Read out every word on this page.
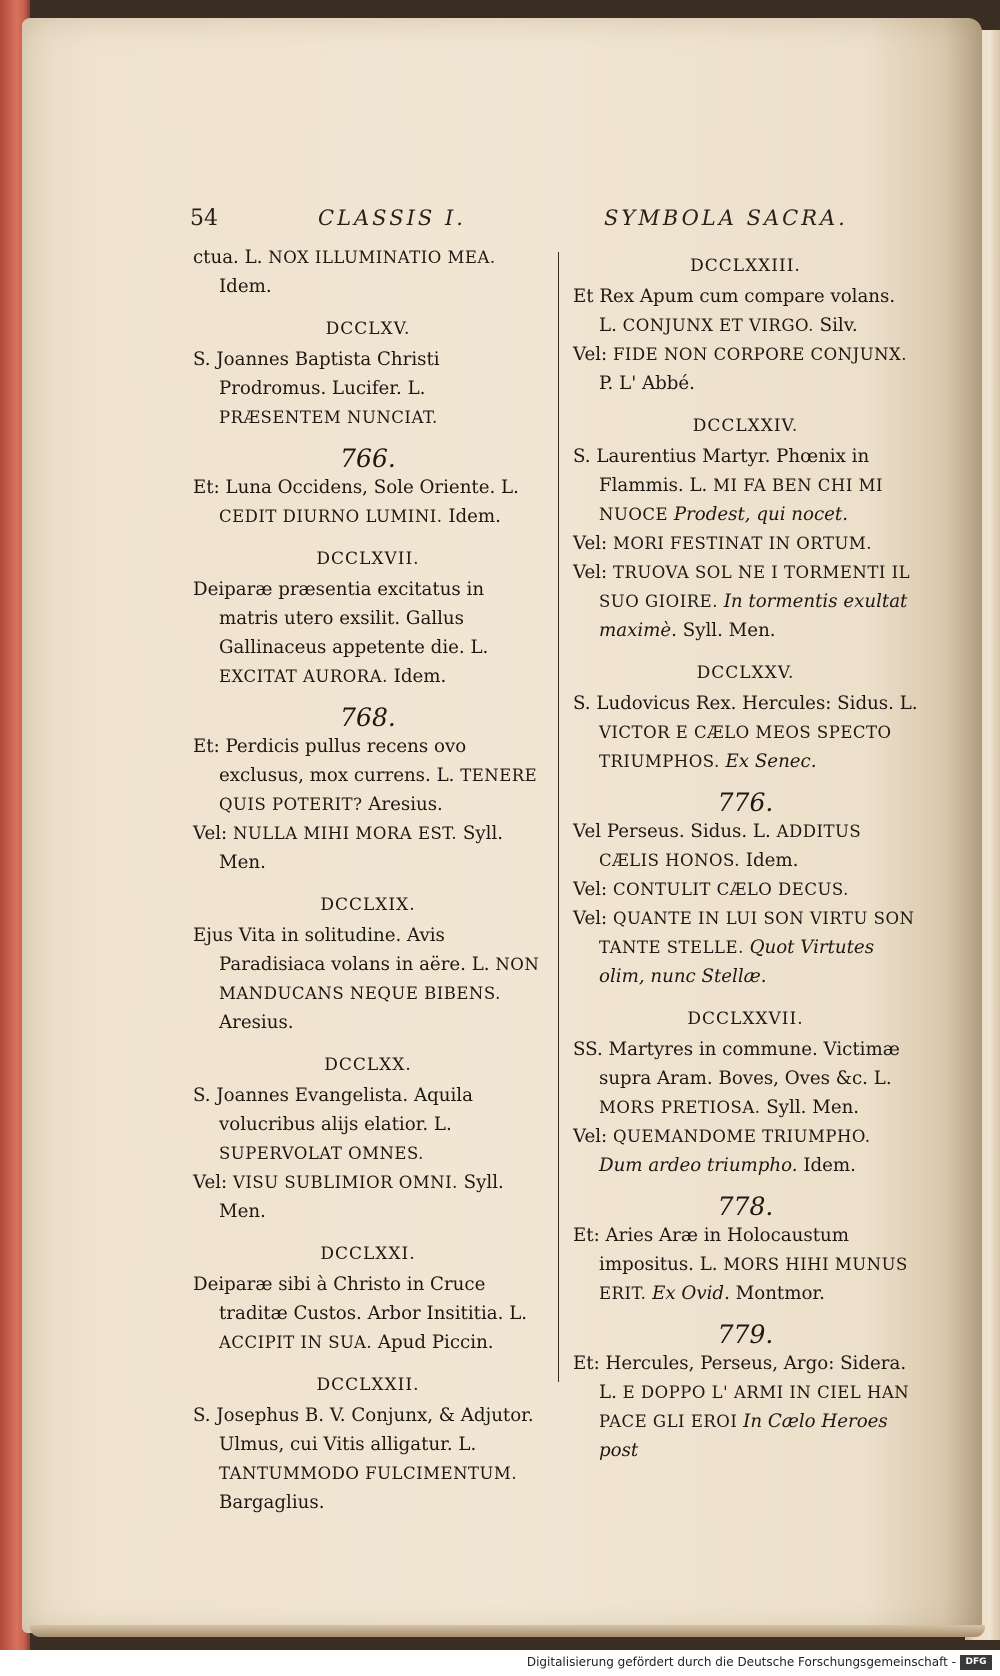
54	CLASSIS I.	SYMBOLA SACRA.
ctua. L. NOX ILLUMINATIO MEA. Idem.
DCCLXV.
S. Joannes Baptista Christi Prodromus. Lucifer. L. PRÆSENTEM NUNCIAT.
766.
Et: Luna Occidens, Sole Oriente. L. CEDIT DIURNO LUMINI. Idem.
DCCLXVII.
Deiparæ præsentia excitatus in matris utero exsilit. Gallus Gallinaceus appetente die. L. EXCITAT AURORA. Idem.
768.
Et: Perdicis pullus recens ovo exclusus, mox currens. L. TENERE QUIS POTERIT? Aresius.
Vel: NULLA MIHI MORA EST. Syll. Men.
DCCLXIX.
Ejus Vita in solitudine. Avis Paradisiaca volans in aëre. L. NON MANDUCANS NEQUE BIBENS. Aresius.
DCCLXX.
S. Joannes Evangelista. Aquila volucribus alijs elatior. L. SUPERVOLAT OMNES.
Vel: VISU SUBLIMIOR OMNI. Syll. Men.
DCCLXXI.
Deiparæ sibi à Christo in Cruce traditæ Custos. Arbor Insititia. L. ACCIPIT IN SUA. Apud Piccin.
DCCLXXII.
S. Josephus B. V. Conjunx, & Adjutor. Ulmus, cui Vitis alligatur. L. TANTUMMODO FULCIMENTUM. Bargaglius.
DCCLXXIII.
Et Rex Apum cum compare volans. L. CONJUNX ET VIRGO. Silv.
Vel: FIDE NON CORPORE CONJUNX. P. L' Abbé.
DCCLXXIV.
S. Laurentius Martyr. Phœnix in Flammis. L. MI FA BEN CHI MI NUOCE Prodest, qui nocet.
Vel: MORI FESTINAT IN ORTUM.
Vel: TRUOVA SOL NE I TORMENTI IL SUO GIOIRE. In tormentis exultat maximè. Syll. Men.
DCCLXXV.
S. Ludovicus Rex. Hercules: Sidus. L. VICTOR E CÆLO MEOS SPECTO TRIUMPHOS. Ex Senec.
776.
Vel Perseus. Sidus. L. ADDITUS CÆLIS HONOS. Idem.
Vel: CONTULIT CÆLO DECUS.
Vel: QUANTE IN LUI SON VIRTU SON TANTE STELLE. Quot Virtutes olim, nunc Stellæ.
DCCLXXVII.
SS. Martyres in commune. Victimæ supra Aram. Boves, Oves &c. L. MORS PRETIOSA. Syll. Men.
Vel: QUEMANDOME TRIUMPHO. Dum ardeo triumpho. Idem.
778.
Et: Aries Aræ in Holocaustum impositus. L. MORS HIHI MUNUS ERIT. Ex Ovid. Montmor.
779.
Et: Hercules, Perseus, Argo: Sidera. L. E DOPPO L' ARMI IN CIEL HAN PACE GLI EROI In Cælo Heroes post
Digitalisierung gefördert durch die Deutsche Forschungsgemeinschaft -	DFG
